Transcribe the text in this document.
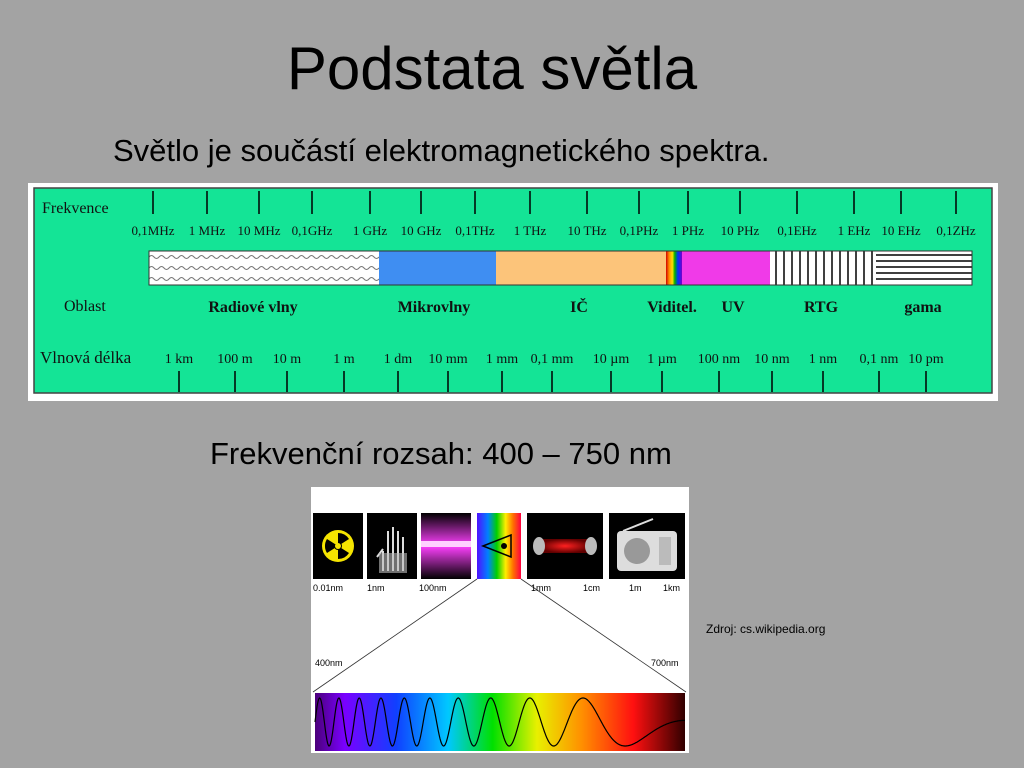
Podstata světla
Světlo je součástí elektromagnetického spektra.
Frekvence
Oblast
Vlnová délka
0,1MHz 1 MHz 10 MHz 0,1GHz 1 GHz 10 GHz 0,1THz 1 THz 10 THz 0,1PHz 1 PHz 10 PHz 0,1EHz 1 EHz 10 EHz 0,1ZHz
Radiové vlny	Mikrovlny	IČ	Viditel. UV	RTG	gama
1 km 100 m 10 m 1 m 1 dm 10 mm 1 mm 0,1 mm 10 µm 1 µm 100 nm 10 nm 1 nm 0,1 nm 10 pm
Frekvenční rozsah: 400 – 750 nm
0.01nm	1nm	100nm	1mm	1cm	1m 1km
400nm	700nm
Zdroj: cs.wikipedia.org
